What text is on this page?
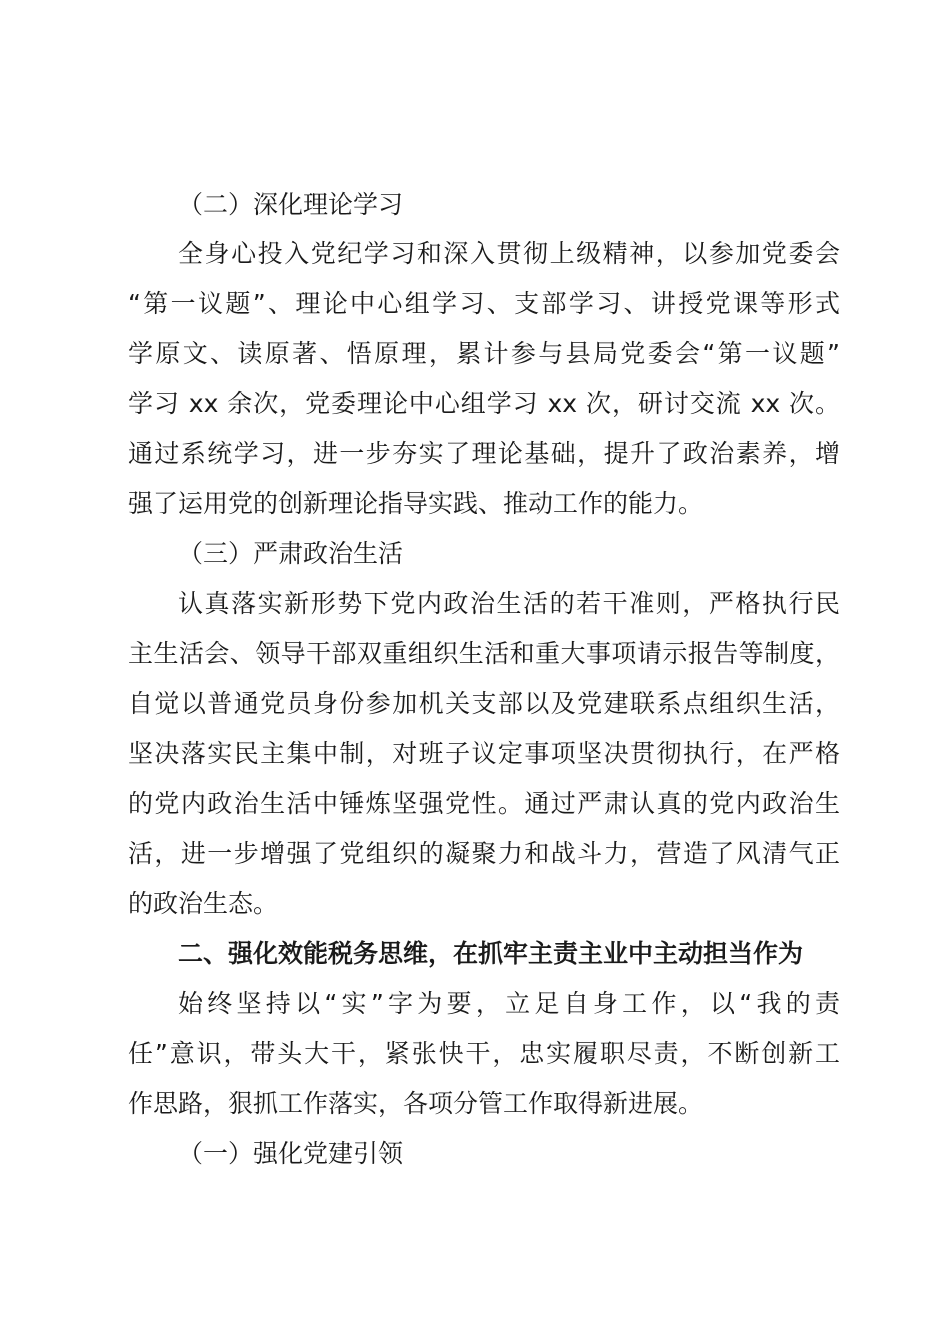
（二）深化理论学习
全身心投入党纪学习和深入贯彻上级精神，以参加党委会
“第一议题”、理论中心组学习、支部学习、讲授党课等形式
学原文、读原著、悟原理，累计参与县局党委会“第一议题”
学习 xx 余次，党委理论中心组学习 xx 次，研讨交流 xx 次。
通过系统学习，进一步夯实了理论基础，提升了政治素养，增
强了运用党的创新理论指导实践、推动工作的能力。
（三）严肃政治生活
认真落实新形势下党内政治生活的若干准则，严格执行民
主生活会、领导干部双重组织生活和重大事项请示报告等制度，
自觉以普通党员身份参加机关支部以及党建联系点组织生活，
坚决落实民主集中制，对班子议定事项坚决贯彻执行，在严格
的党内政治生活中锤炼坚强党性。通过严肃认真的党内政治生
活，进一步增强了党组织的凝聚力和战斗力，营造了风清气正
的政治生态。
二、强化效能税务思维，在抓牢主责主业中主动担当作为
始终坚持以“实”字为要，立足自身工作，以“我的责
任”意识，带头大干，紧张快干，忠实履职尽责，不断创新工
作思路，狠抓工作落实，各项分管工作取得新进展。
（一）强化党建引领
